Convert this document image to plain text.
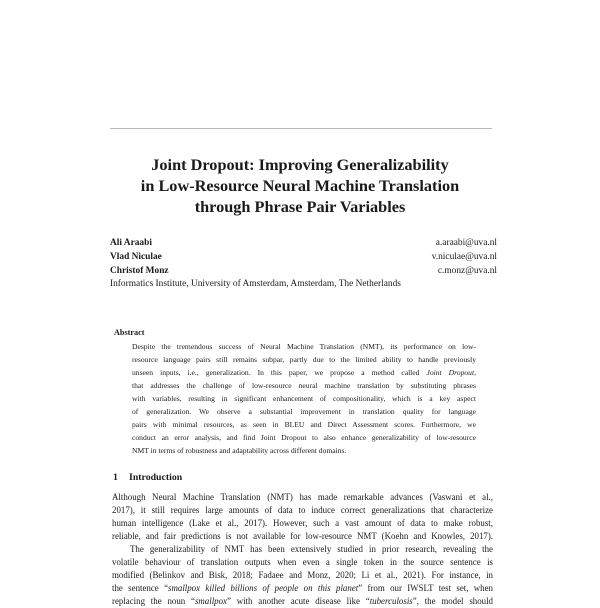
Joint Dropout: Improving Generalizability
in Low-Resource Neural Machine Translation
through Phrase Pair Variables
Ali Araabi	a.araabi@uva.nl
Vlad Niculae	v.niculae@uva.nl
Christof Monz	c.monz@uva.nl
Informatics Institute, University of Amsterdam, Amsterdam, The Netherlands
Abstract
Despite the tremendous success of Neural Machine Translation (NMT), its performance on low-
resource language pairs still remains subpar, partly due to the limited ability to handle previously
unseen inputs, i.e., generalization. In this paper, we propose a method called Joint Dropout,
that addresses the challenge of low-resource neural machine translation by substituting phrases
with variables, resulting in significant enhancement of compositionality, which is a key aspect
of generalization. We observe a substantial improvement in translation quality for language
pairs with minimal resources, as seen in BLEU and Direct Assessment scores. Furthermore, we
conduct an error analysis, and find Joint Dropout to also enhance generalizability of low-resource
NMT in terms of robustness and adaptability across different domains.
1 Introduction
Although Neural Machine Translation (NMT) has made remarkable advances (Vaswani et al.,
2017), it still requires large amounts of data to induce correct generalizations that characterize
human intelligence (Lake et al., 2017). However, such a vast amount of data to make robust,
reliable, and fair predictions is not available for low-resource NMT (Koehn and Knowles, 2017).
The generalizability of NMT has been extensively studied in prior research, revealing the
volatile behaviour of translation outputs when even a single token in the source sentence is
modified (Belinkov and Bisk, 2018; Fadaee and Monz, 2020; Li et al., 2021). For instance, in
the sentence “smallpox killed billions of people on this planet” from our IWSLT test set, when
replacing the noun “smallpox” with another acute disease like “tuberculosis”, the model should
